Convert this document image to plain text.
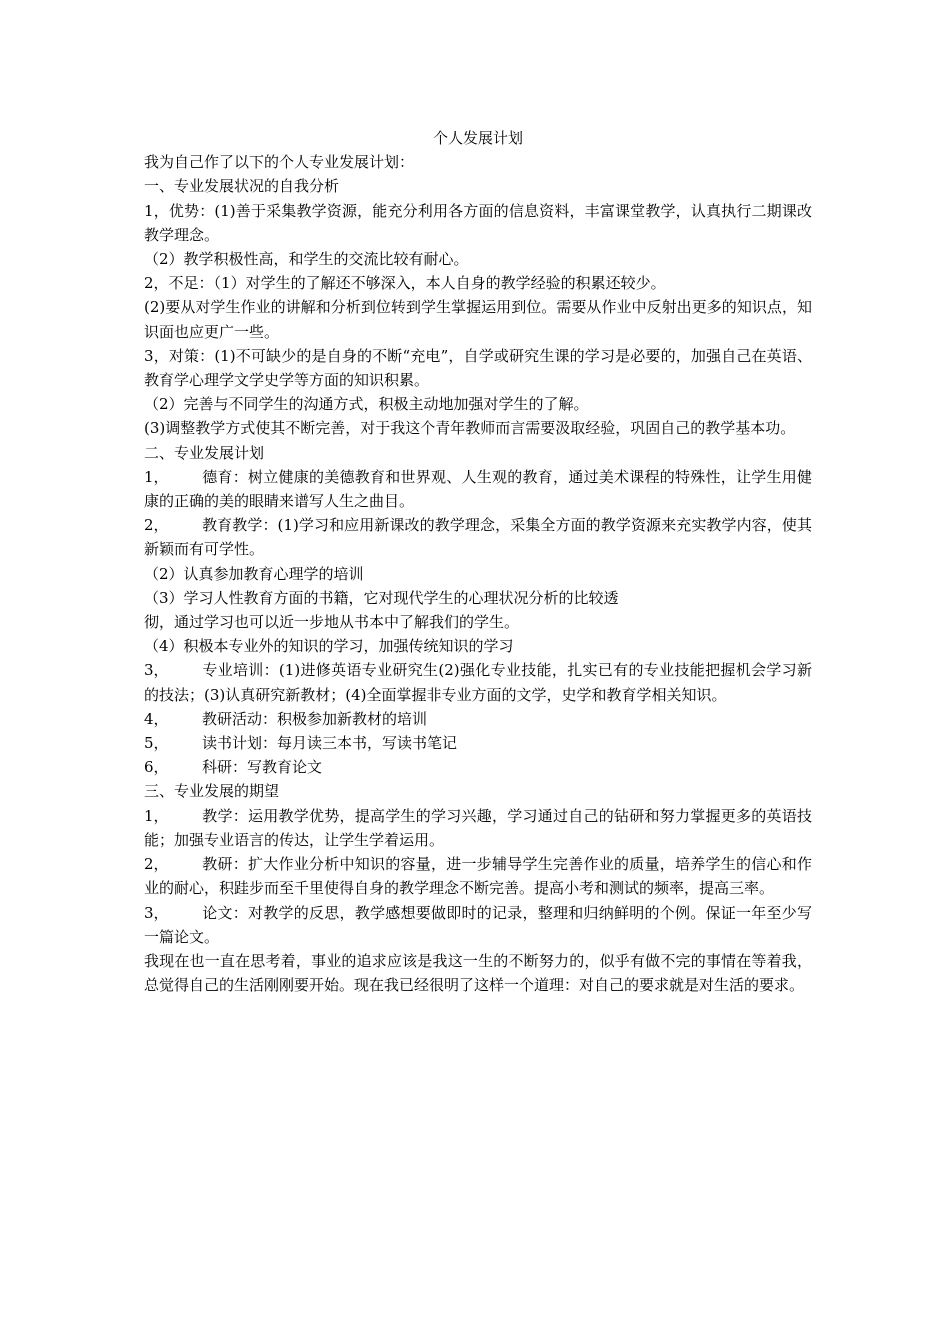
个人发展计划
我为自己作了以下的个人专业发展计划：
一、专业发展状况的自我分析
1，优势：(1)善于采集教学资源，能充分利用各方面的信息资料，丰富课堂教学，认真执行二期课改教学理念。
（2）教学积极性高，和学生的交流比较有耐心。
2，不足：（1）对学生的了解还不够深入，本人自身的教学经验的积累还较少。
(2)要从对学生作业的讲解和分析到位转到学生掌握运用到位。需要从作业中反射出更多的知识点，知识面也应更广一些。
3，对策：(1)不可缺少的是自身的不断“充电”，自学或研究生课的学习是必要的，加强自己在英语、教育学心理学文学史学等方面的知识积累。
（2）完善与不同学生的沟通方式，积极主动地加强对学生的了解。
(3)调整教学方式使其不断完善，对于我这个青年教师而言需要汲取经验，巩固自己的教学基本功。
二、专业发展计划
1， 德育：树立健康的美德教育和世界观、人生观的教育，通过美术课程的特殊性，让学生用健康的正确的美的眼睛来谱写人生之曲目。
2， 教育教学：(1)学习和应用新课改的教学理念，采集全方面的教学资源来充实教学内容，使其新颖而有可学性。
（2）认真参加教育心理学的培训
（3）学习人性教育方面的书籍，它对现代学生的心理状况分析的比较透
彻，通过学习也可以近一步地从书本中了解我们的学生。
（4）积极本专业外的知识的学习，加强传统知识的学习
3， 专业培训：(1)进修英语专业研究生(2)强化专业技能，扎实已有的专业技能把握机会学习新的技法；(3)认真研究新教材；(4)全面掌握非专业方面的文学，史学和教育学相关知识。
4， 教研活动：积极参加新教材的培训
5， 读书计划：每月读三本书，写读书笔记
6， 科研：写教育论文
三、专业发展的期望
1， 教学：运用教学优势，提高学生的学习兴趣，学习通过自己的钻研和努力掌握更多的英语技能；加强专业语言的传达，让学生学着运用。
2， 教研：扩大作业分析中知识的容量，进一步辅导学生完善作业的质量，培养学生的信心和作业的耐心，积跬步而至千里使得自身的教学理念不断完善。提高小考和测试的频率，提高三率。
3， 论文：对教学的反思，教学感想要做即时的记录，整理和归纳鲜明的个例。保证一年至少写一篇论文。
我现在也一直在思考着，事业的追求应该是我这一生的不断努力的，似乎有做不完的事情在等着我，总觉得自己的生活刚刚要开始。现在我已经很明了这样一个道理：对自己的要求就是对生活的要求。
